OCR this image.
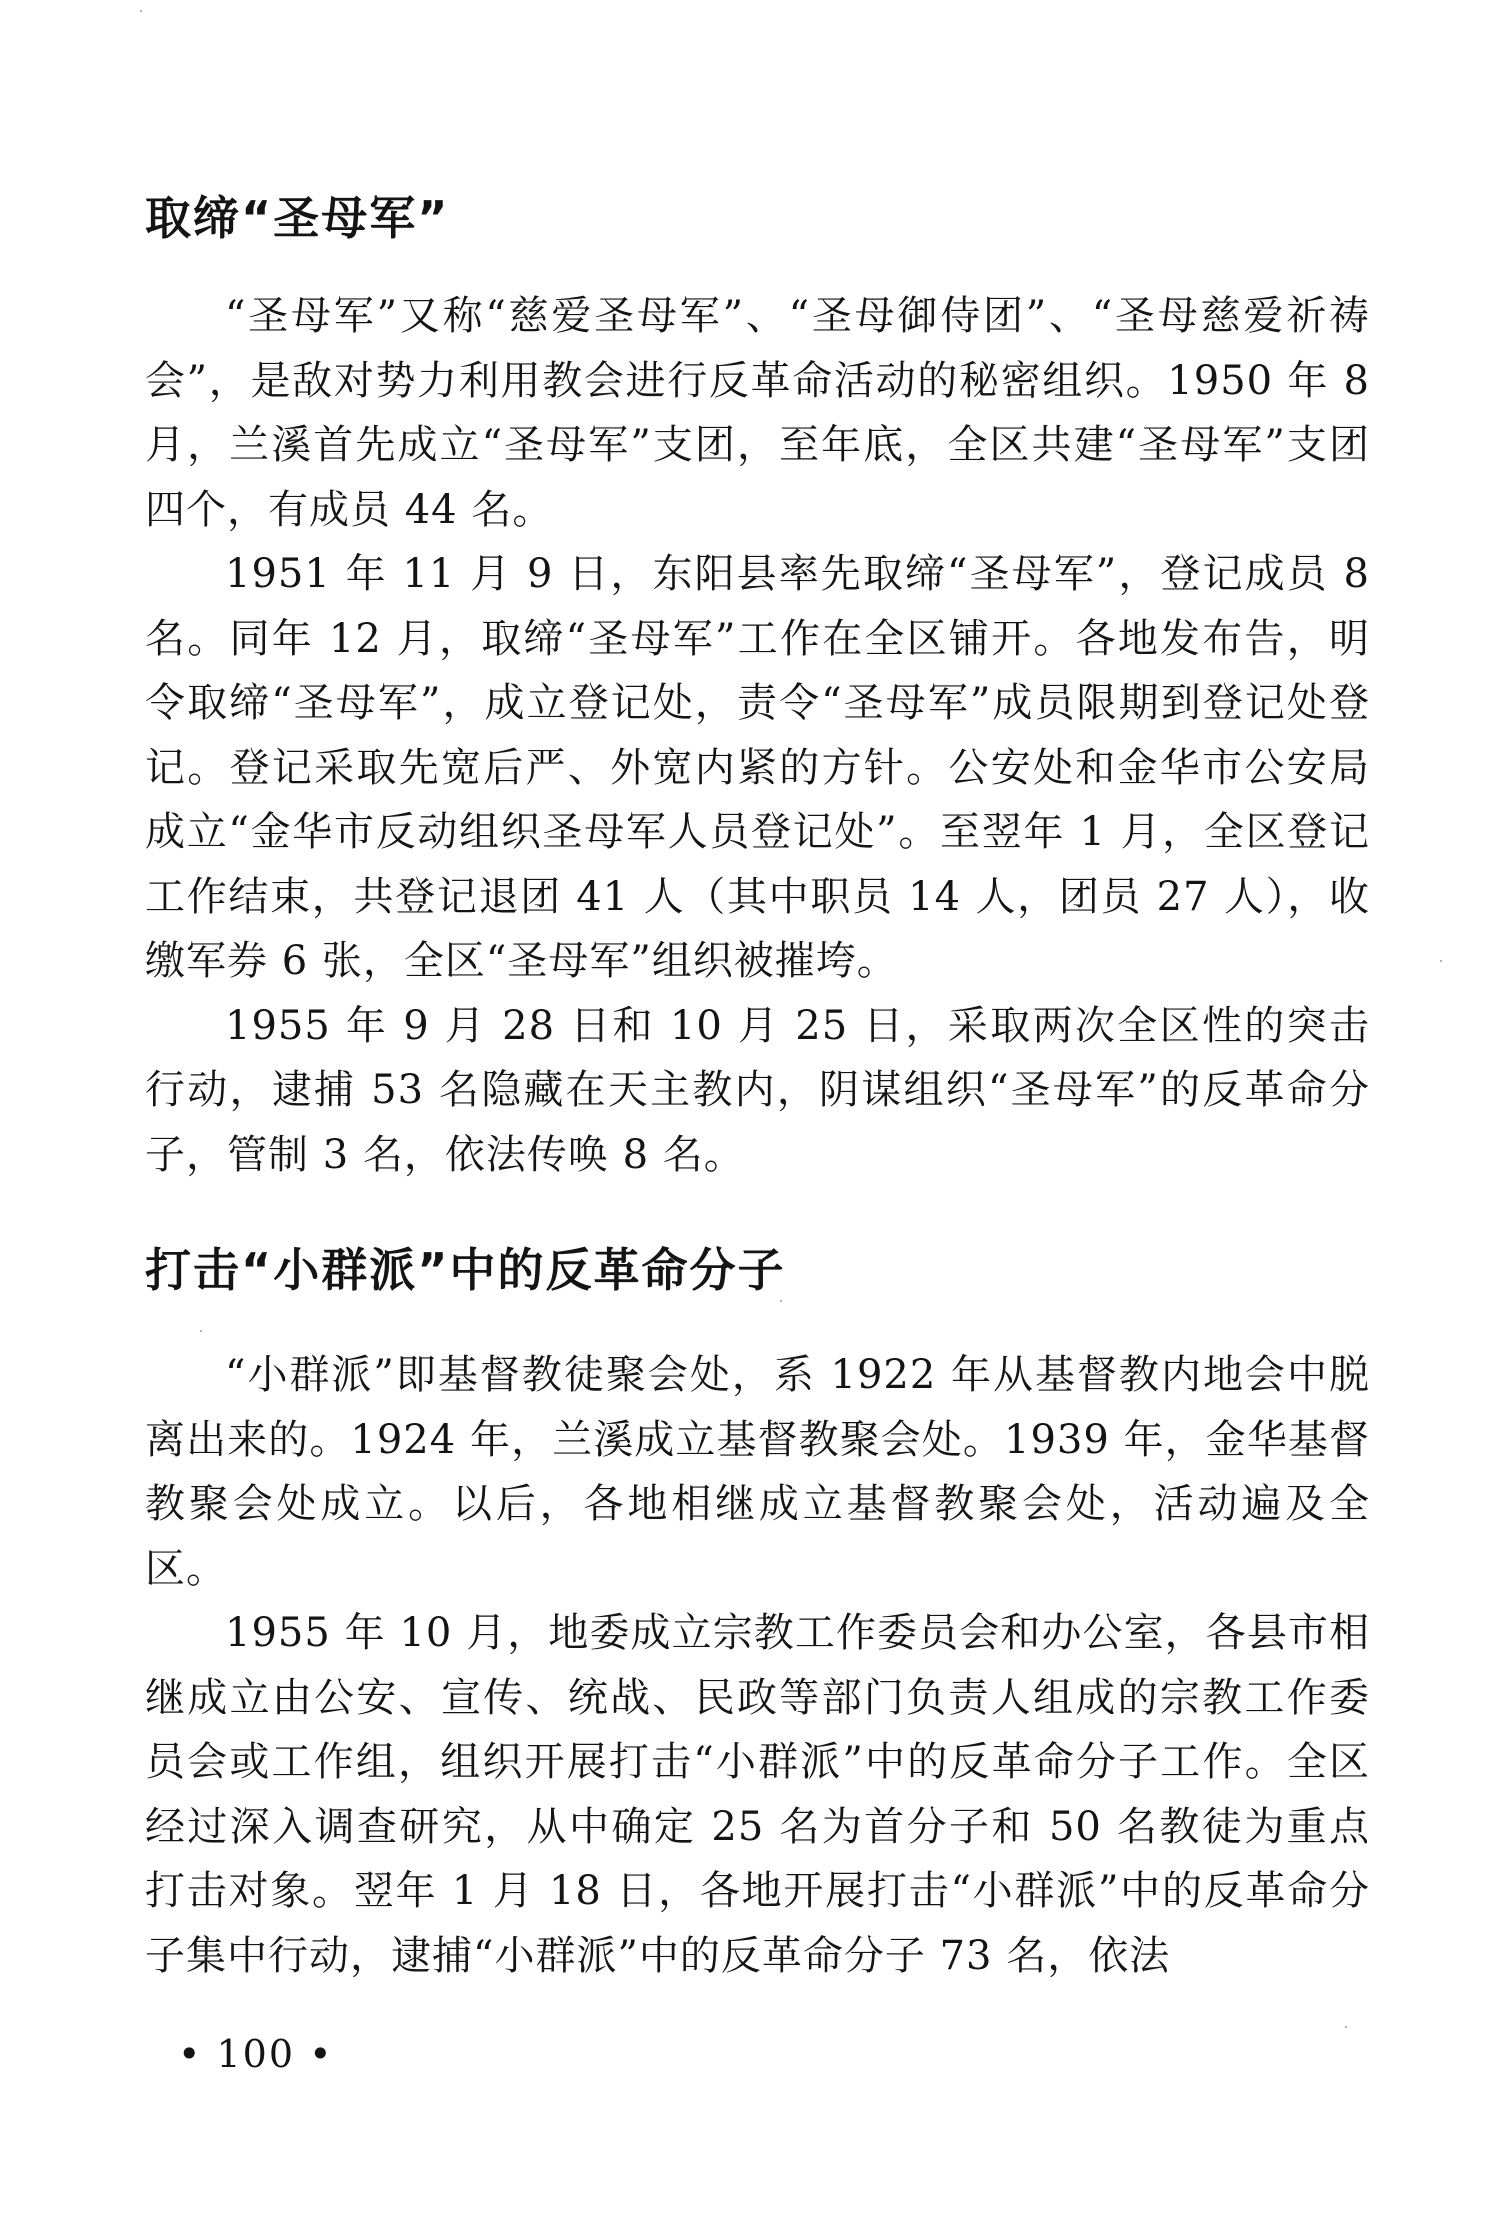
取缔“圣母军”

“圣母军”又称“慈爱圣母军”、“圣母御侍团”、“圣母慈爱祈祷会”，是敌对势力利用教会进行反革命活动的秘密组织。1950 年 8 月，兰溪首先成立“圣母军”支团，至年底，全区共建“圣母军”支团四个，有成员 44 名。

1951 年 11 月 9 日，东阳县率先取缔“圣母军”，登记成员 8 名。同年 12 月，取缔“圣母军”工作在全区铺开。各地发布告，明令取缔“圣母军”，成立登记处，责令“圣母军”成员限期到登记处登记。登记采取先宽后严、外宽内紧的方针。公安处和金华市公安局成立“金华市反动组织圣母军人员登记处”。至翌年 1 月，全区登记工作结束，共登记退团 41 人（其中职员 14 人，团员 27 人），收缴军券 6 张，全区“圣母军”组织被摧垮。

1955 年 9 月 28 日和 10 月 25 日，采取两次全区性的突击行动，逮捕 53 名隐藏在天主教内，阴谋组织“圣母军”的反革命分子，管制 3 名，依法传唤 8 名。

打击“小群派”中的反革命分子

“小群派”即基督教徒聚会处，系 1922 年从基督教内地会中脱离出来的。1924 年，兰溪成立基督教聚会处。1939 年，金华基督教聚会处成立。以后，各地相继成立基督教聚会处，活动遍及全区。

1955 年 10 月，地委成立宗教工作委员会和办公室，各县市相继成立由公安、宣传、统战、民政等部门负责人组成的宗教工作委员会或工作组，组织开展打击“小群派”中的反革命分子工作。全区经过深入调查研究，从中确定 25 名为首分子和 50 名教徒为重点打击对象。翌年 1 月 18 日，各地开展打击“小群派”中的反革命分子集中行动，逮捕“小群派”中的反革命分子 73 名，依法

• 100 •
